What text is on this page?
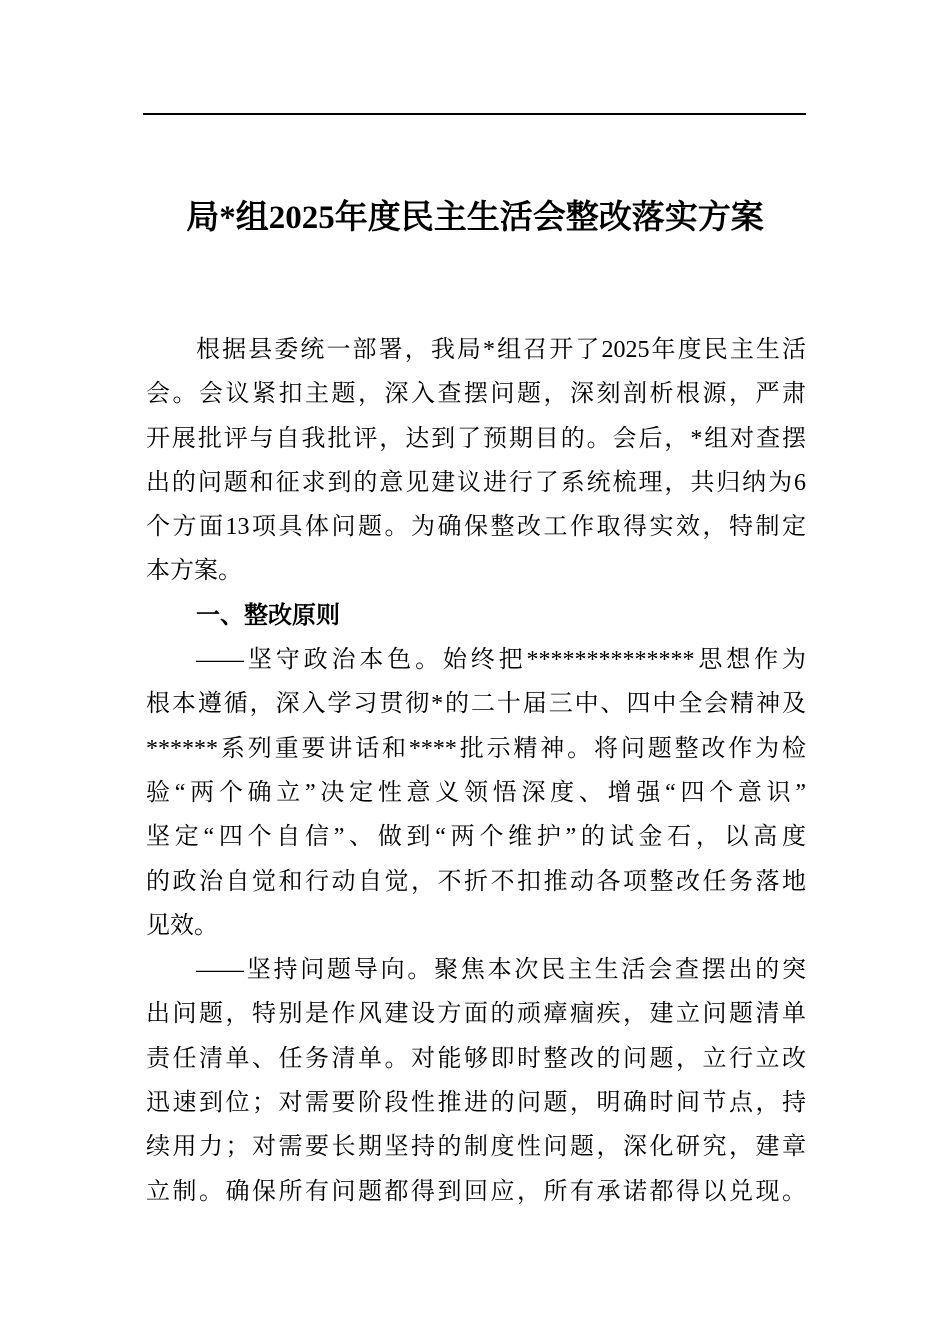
局*组2025年度民主生活会整改落实方案
根据县委统一部署，我局*组召开了2025年度民主生活
会。会议紧扣主题，深入查摆问题，深刻剖析根源，严肃
开展批评与自我批评，达到了预期目的。会后，*组对查摆
出的问题和征求到的意见建议进行了系统梳理，共归纳为6
个方面13项具体问题。为确保整改工作取得实效，特制定
本方案。
一、整改原则
——坚守政治本色。始终把**************思想作为
根本遵循，深入学习贯彻*的二十届三中、四中全会精神及
******系列重要讲话和****批示精神。将问题整改作为检
验“两个确立”决定性意义领悟深度、增强“四个意识”
坚定“四个自信”、做到“两个维护”的试金石，以高度
的政治自觉和行动自觉，不折不扣推动各项整改任务落地
见效。
——坚持问题导向。聚焦本次民主生活会查摆出的突
出问题，特别是作风建设方面的顽瘴痼疾，建立问题清单
责任清单、任务清单。对能够即时整改的问题，立行立改
迅速到位；对需要阶段性推进的问题，明确时间节点，持
续用力；对需要长期坚持的制度性问题，深化研究，建章
立制。确保所有问题都得到回应，所有承诺都得以兑现。
